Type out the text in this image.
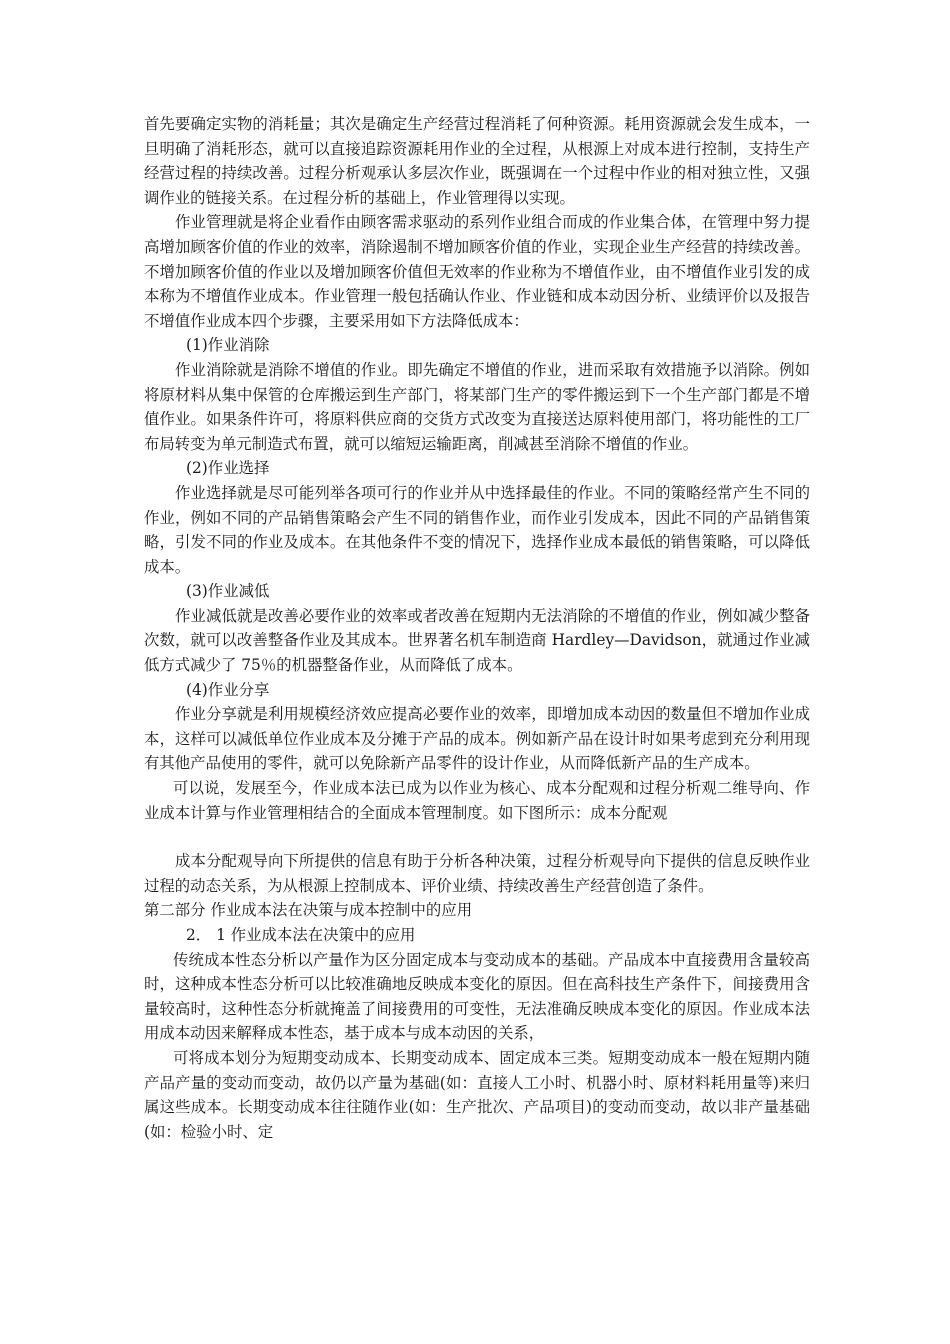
首先要确定实物的消耗量；其次是确定生产经营过程消耗了何种资源。耗用资源就会发生成本，一旦明确了消耗形态，就可以直接追踪资源耗用作业的全过程，从根源上对成本进行控制，支持生产经营过程的持续改善。过程分析观承认多层次作业，既强调在一个过程中作业的相对独立性，又强调作业的链接关系。在过程分析的基础上，作业管理得以实现。

作业管理就是将企业看作由顾客需求驱动的系列作业组合而成的作业集合体，在管理中努力提高增加顾客价值的作业的效率，消除遏制不增加顾客价值的作业，实现企业生产经营的持续改善。不增加顾客价值的作业以及增加顾客价值但无效率的作业称为不增值作业，由不增值作业引发的成本称为不增值作业成本。作业管理一般包括确认作业、作业链和成本动因分析、业绩评价以及报告不增值作业成本四个步骤，主要采用如下方法降低成本：

(1)作业消除

作业消除就是消除不增值的作业。即先确定不增值的作业，进而采取有效措施予以消除。例如将原材料从集中保管的仓库搬运到生产部门，将某部门生产的零件搬运到下一个生产部门都是不增值作业。如果条件许可，将原料供应商的交货方式改变为直接送达原料使用部门，将功能性的工厂布局转变为单元制造式布置，就可以缩短运输距离，削减甚至消除不增值的作业。

(2)作业选择

作业选择就是尽可能列举各项可行的作业并从中选择最佳的作业。不同的策略经常产生不同的作业，例如不同的产品销售策略会产生不同的销售作业，而作业引发成本，因此不同的产品销售策略，引发不同的作业及成本。在其他条件不变的情况下，选择作业成本最低的销售策略，可以降低成本。

(3)作业减低

作业减低就是改善必要作业的效率或者改善在短期内无法消除的不增值的作业，例如减少整备次数，就可以改善整备作业及其成本。世界著名机车制造商 Hardley—Davidson，就通过作业减低方式减少了 75％的机器整备作业，从而降低了成本。

(4)作业分享

作业分享就是利用规模经济效应提高必要作业的效率，即增加成本动因的数量但不增加作业成本，这样可以减低单位作业成本及分摊于产品的成本。例如新产品在设计时如果考虑到充分利用现有其他产品使用的零件，就可以免除新产品零件的设计作业，从而降低新产品的生产成本。

可以说，发展至今，作业成本法已成为以作业为核心、成本分配观和过程分析观二维导向、作业成本计算与作业管理相结合的全面成本管理制度。如下图所示：成本分配观

成本分配观导向下所提供的信息有助于分析各种决策，过程分析观导向下提供的信息反映作业过程的动态关系，为从根源上控制成本、评价业绩、持续改善生产经营创造了条件。

第二部分 作业成本法在决策与成本控制中的应用

2． 1 作业成本法在决策中的应用

传统成本性态分析以产量作为区分固定成本与变动成本的基础。产品成本中直接费用含量较高时，这种成本性态分析可以比较准确地反映成本变化的原因。但在高科技生产条件下，间接费用含量较高时，这种性态分析就掩盖了间接费用的可变性，无法准确反映成本变化的原因。作业成本法用成本动因来解释成本性态，基于成本与成本动因的关系，

可将成本划分为短期变动成本、长期变动成本、固定成本三类。短期变动成本一般在短期内随产品产量的变动而变动，故仍以产量为基础(如：直接人工小时、机器小时、原材料耗用量等)来归属这些成本。长期变动成本往往随作业(如：生产批次、产品项目)的变动而变动，故以非产量基础(如：检验小时、定
